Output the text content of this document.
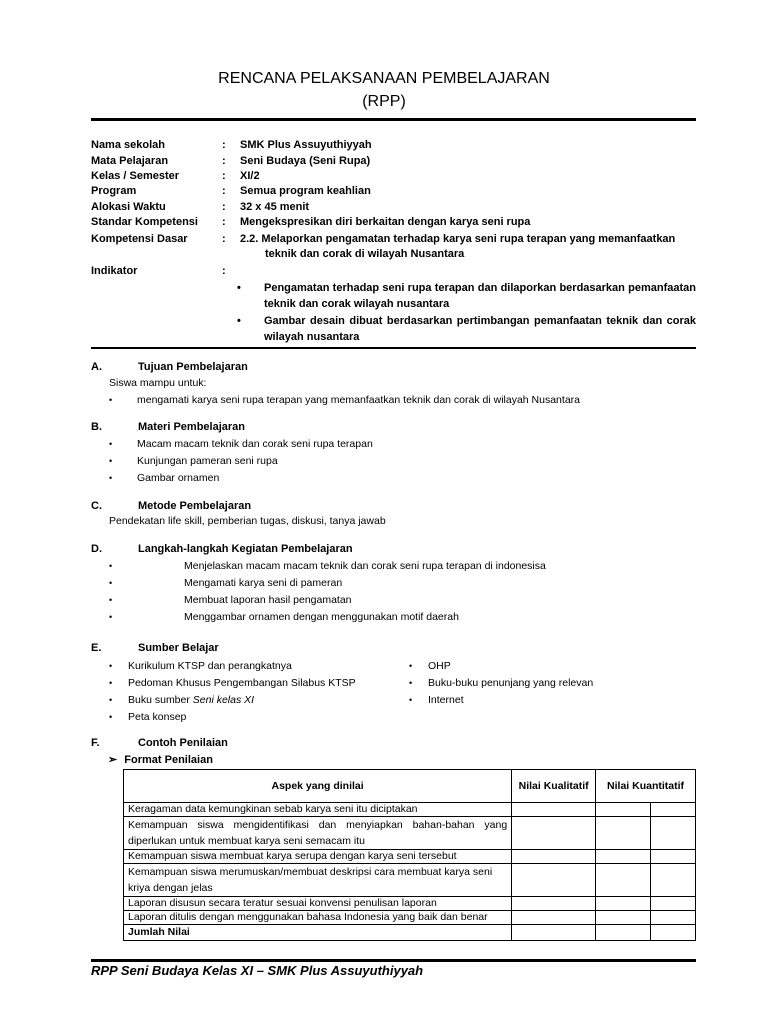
RENCANA PELAKSANAAN PEMBELAJARAN
(RPP)
Nama sekolah	: SMK Plus Assuyuthiyyah
Mata Pelajaran	: Seni Budaya (Seni Rupa)
Kelas / Semester	: XI/2
Program	: Semua program keahlian
Alokasi Waktu	: 32 x 45 menit
Standar Kompetensi : Mengekspresikan diri berkaitan dengan karya seni rupa
Kompetensi Dasar	: 2.2. Melaporkan pengamatan terhadap karya seni rupa terapan yang memanfaatkan
teknik dan corak di wilayah Nusantara
Indikator	:
• Pengamatan terhadap seni rupa terapan dan dilaporkan berdasarkan pemanfaatan teknik dan corak wilayah nusantara
• Gambar desain dibuat berdasarkan pertimbangan pemanfaatan teknik dan corak wilayah nusantara
A.	Tujuan Pembelajaran
Siswa mampu untuk:
• mengamati karya seni rupa terapan yang memanfaatkan teknik dan corak di wilayah Nusantara
B.	Materi Pembelajaran
• Macam macam teknik dan corak seni rupa terapan
• Kunjungan pameran seni rupa
• Gambar ornamen
C.	Metode Pembelajaran
Pendekatan life skill, pemberian tugas, diskusi, tanya jawab
D.	Langkah-langkah Kegiatan Pembelajaran
•	Menjelaskan macam macam teknik dan corak seni rupa terapan di indonesisa
•	Mengamati karya seni di pameran
•	Membuat laporan hasil pengamatan
•	Menggambar ornamen dengan menggunakan motif daerah
E.	Sumber Belajar
• Kurikulum KTSP dan perangkatnya
• Pedoman Khusus Pengembangan Silabus KTSP
• Buku sumber Seni kelas XI
• Peta konsep
• OHP
• Buku-buku penunjang yang relevan
• Internet
F.	Contoh Penilaian
➢ Format Penilaian
Aspek yang dinilai	Nilai Kualitatif	Nilai Kuantitatif	
Keragaman data kemungkinan sebab karya seni itu diciptakan			
Kemampuan siswa mengidentifikasi dan menyiapkan bahan-bahan yang diperlukan untuk membuat karya seni semacam itu			
Kemampuan siswa membuat karya serupa dengan karya seni tersebut			
Kemampuan siswa merumuskan/membuat deskripsi cara membuat karya seni kriya dengan jelas			
Laporan disusun secara teratur sesuai konvensi penulisan laporan			
Laporan ditulis dengan menggunakan bahasa Indonesia yang baik dan benar			
Jumlah Nilai			
RPP Seni Budaya Kelas XI – SMK Plus Assuyuthiyyah
